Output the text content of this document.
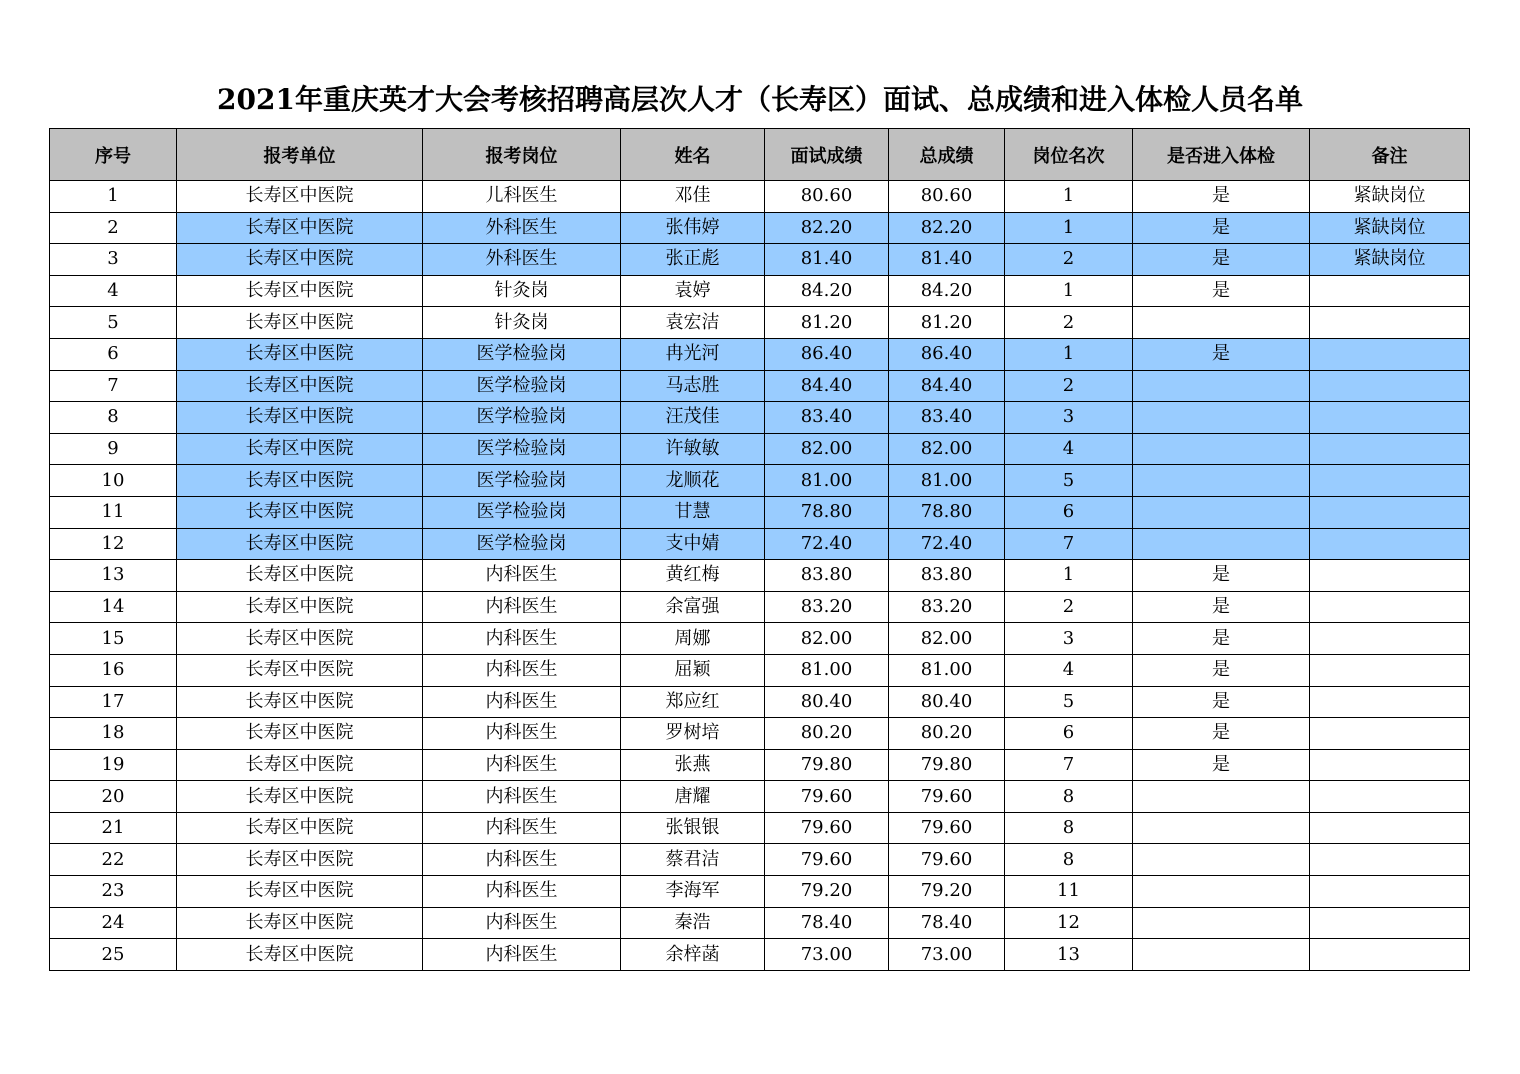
2021年重庆英才大会考核招聘高层次人才（长寿区）面试、总成绩和进入体检人员名单
序号	报考单位	报考岗位	姓名	面试成绩	总成绩	岗位名次	是否进入体检	备注
1	长寿区中医院	儿科医生	邓佳	80.60	80.60	1	是	紧缺岗位
2	长寿区中医院	外科医生	张伟婷	82.20	82.20	1	是	紧缺岗位
3	长寿区中医院	外科医生	张正彪	81.40	81.40	2	是	紧缺岗位
4	长寿区中医院	针灸岗	袁婷	84.20	84.20	1	是	
5	长寿区中医院	针灸岗	袁宏洁	81.20	81.20	2		
6	长寿区中医院	医学检验岗	冉光河	86.40	86.40	1	是	
7	长寿区中医院	医学检验岗	马志胜	84.40	84.40	2		
8	长寿区中医院	医学检验岗	汪茂佳	83.40	83.40	3		
9	长寿区中医院	医学检验岗	许敏敏	82.00	82.00	4		
10	长寿区中医院	医学检验岗	龙顺花	81.00	81.00	5		
11	长寿区中医院	医学检验岗	甘慧	78.80	78.80	6		
12	长寿区中医院	医学检验岗	支中婧	72.40	72.40	7		
13	长寿区中医院	内科医生	黄红梅	83.80	83.80	1	是	
14	长寿区中医院	内科医生	余富强	83.20	83.20	2	是	
15	长寿区中医院	内科医生	周娜	82.00	82.00	3	是	
16	长寿区中医院	内科医生	屈颖	81.00	81.00	4	是	
17	长寿区中医院	内科医生	郑应红	80.40	80.40	5	是	
18	长寿区中医院	内科医生	罗树培	80.20	80.20	6	是	
19	长寿区中医院	内科医生	张燕	79.80	79.80	7	是	
20	长寿区中医院	内科医生	唐耀	79.60	79.60	8		
21	长寿区中医院	内科医生	张银银	79.60	79.60	8		
22	长寿区中医院	内科医生	蔡君洁	79.60	79.60	8		
23	长寿区中医院	内科医生	李海军	79.20	79.20	11		
24	长寿区中医院	内科医生	秦浩	78.40	78.40	12		
25	长寿区中医院	内科医生	余梓菡	73.00	73.00	13		
